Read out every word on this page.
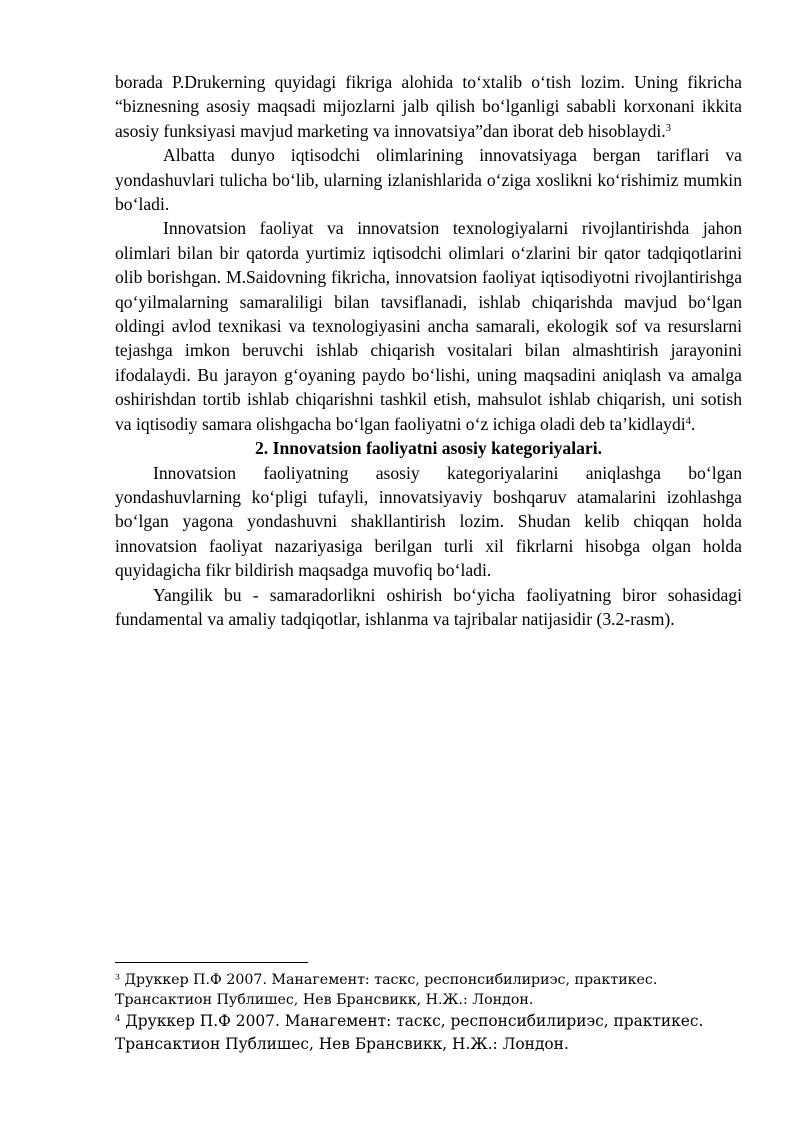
borada P.Drukerning quyidagi fikriga alohida toʻxtalib oʻtish lozim. Uning fikricha “biznesning asosiy maqsadi mijozlarni jalb qilish boʻlganligi sababli korxonani ikkita asosiy funksiyasi mavjud marketing va innovatsiya”dan iborat deb hisoblaydi.$^3$

Albatta dunyo iqtisodchi olimlarining innovatsiyaga bergan tariflari va yondashuvlari tulicha boʻlib, ularning izlanishlarida oʻziga xoslikni koʻrishimiz mumkin boʻladi.

Innovatsion faoliyat va innovatsion texnologiyalarni rivojlantirishda jahon olimlari bilan bir qatorda yurtimiz iqtisodchi olimlari oʻzlarini bir qator tadqiqotlarini olib borishgan. M.Saidovning fikricha, innovatsion faoliyat iqtisodiyotni rivojlantirishga qoʻyilmalarning samaraliligi bilan tavsiflanadi, ishlab chiqarishda mavjud boʻlgan oldingi avlod texnikasi va texnologiyasini ancha samarali, ekologik sof va resurslarni tejashga imkon beruvchi ishlab chiqarish vositalari bilan almashtirish jarayonini ifodalaydi. Bu jarayon gʻoyaning paydo boʻlishi, uning maqsadini aniqlash va amalga oshirishdan tortib ishlab chiqarishni tashkil etish, mahsulot ishlab chiqarish, uni sotish va iqtisodiy samara olishgacha boʻlgan faoliyatni oʻz ichiga oladi deb taʼkidlaydi$^4$.

2. Innovatsion faoliyatni asosiy kategoriyalari.

Innovatsion faoliyatning asosiy kategoriyalarini aniqlashga boʻlgan yondashuvlarning koʻpligi tufayli, innovatsiyaviy boshqaruv atamalarini izohlashga boʻlgan yagona yondashuvni shakllantirish lozim. Shudan kelib chiqqan holda innovatsion faoliyat nazariyasiga berilgan turli xil fikrlarni hisobga olgan holda quyidagicha fikr bildirish maqsadga muvofiq boʻladi.

Yangilik bu - samaradorlikni oshirish boʻyicha faoliyatning biror sohasidagi fundamental va amaliy tadqiqotlar, ishlanma va tajribalar natijasidir (3.2-rasm).

$^3$ Друккер П.Ф 2007. Манагемент: таскс, респонсибилириэс, практикес. Трансактион Публишес, Нев Брансвикк, Н.Ж.: Лондон.

$^4$ Друккер П.Ф 2007. Манагемент: таскс, респонсибилириэс, практикес. Трансактион Публишес, Нев Брансвикк, Н.Ж.: Лондон.
